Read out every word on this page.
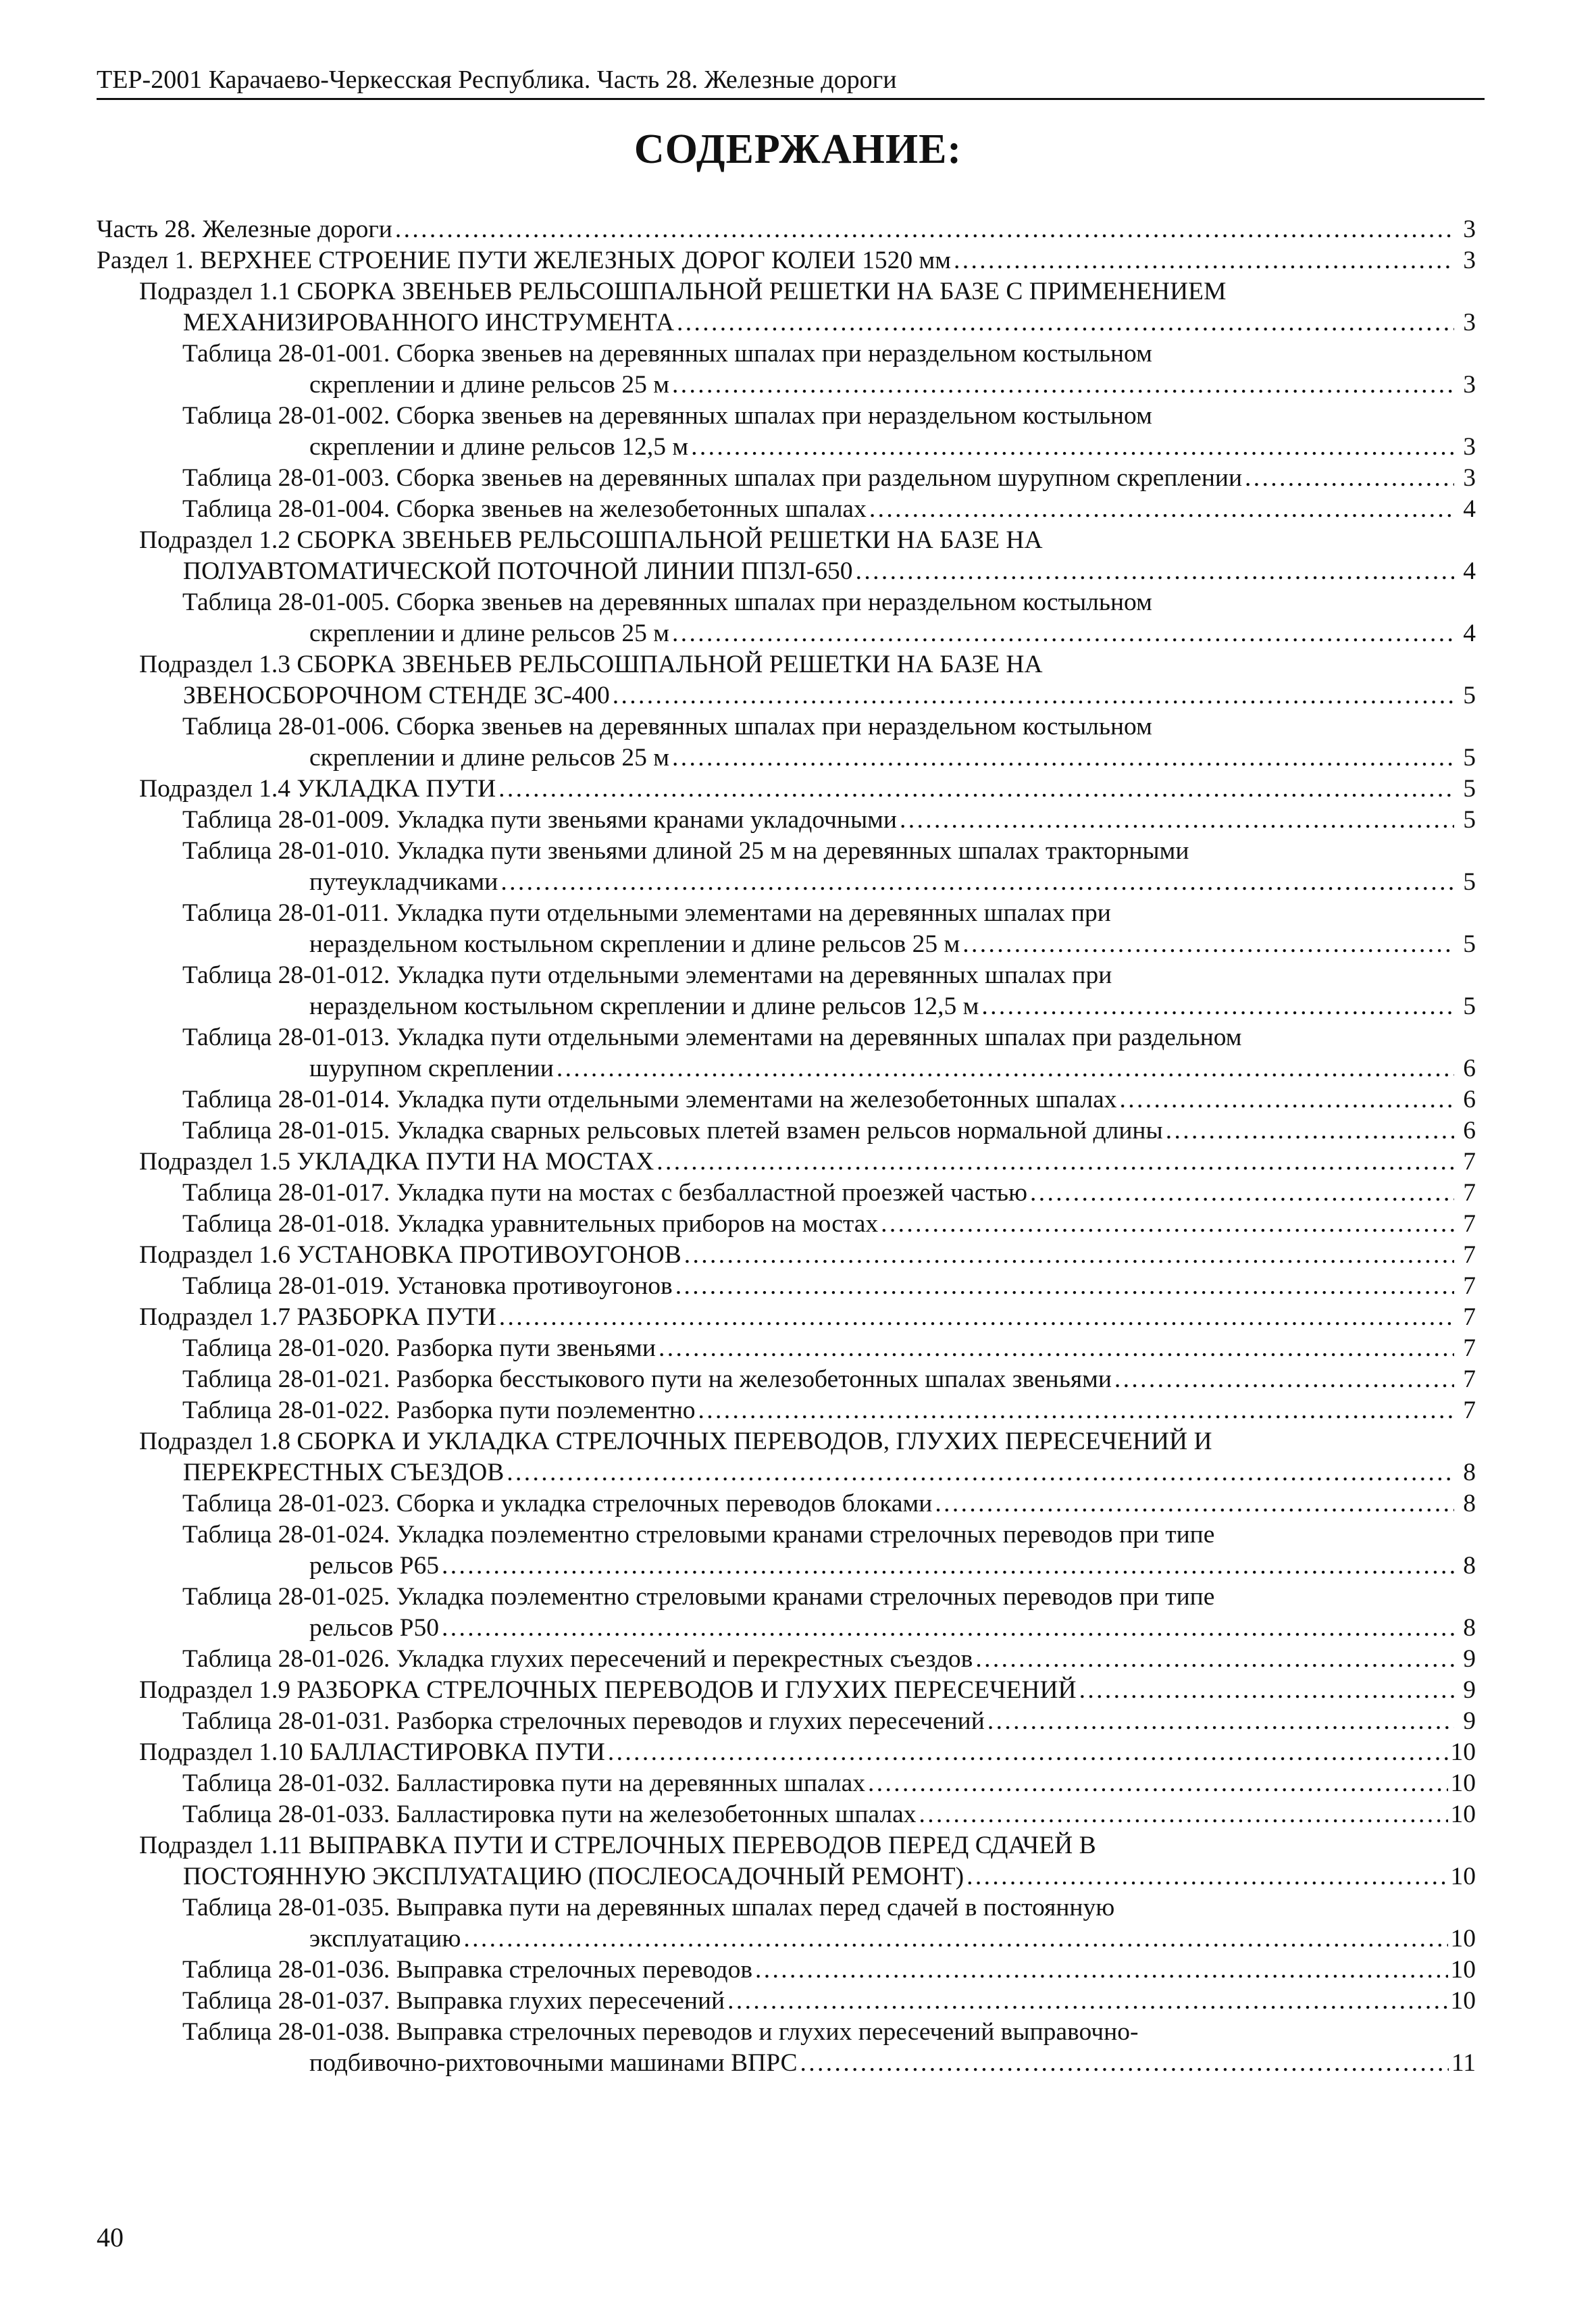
ТЕР-2001 Карачаево-Черкесская Республика. Часть 28. Железные дороги
СОДЕРЖАНИЕ:
Часть 28. Железные дороги . . .	3
Раздел 1. ВЕРХНЕЕ СТРОЕНИЕ ПУТИ ЖЕЛЕЗНЫХ ДОРОГ КОЛЕИ 1520 мм . . .	3
Подраздел 1.1 СБОРКА ЗВЕНЬЕВ РЕЛЬСОШПАЛЬНОЙ РЕШЕТКИ НА БАЗЕ С ПРИМЕНЕНИЕМ
МЕХАНИЗИРОВАННОГО ИНСТРУМЕНТА . . .	3
Таблица 28-01-001. Сборка звеньев на деревянных шпалах при нераздельном костыльном
скреплении и длине рельсов 25 м . . .	3
Таблица 28-01-002. Сборка звеньев на деревянных шпалах при нераздельном костыльном
скреплении и длине рельсов 12,5 м . . .	3
Таблица 28-01-003. Сборка звеньев на деревянных шпалах при раздельном шурупном скреплении . . .	3
Таблица 28-01-004. Сборка звеньев на железобетонных шпалах . . .	4
Подраздел 1.2 СБОРКА ЗВЕНЬЕВ РЕЛЬСОШПАЛЬНОЙ РЕШЕТКИ НА БАЗЕ НА
ПОЛУАВТОМАТИЧЕСКОЙ ПОТОЧНОЙ ЛИНИИ ППЗЛ-650 . . .	4
Таблица 28-01-005. Сборка звеньев на деревянных шпалах при нераздельном костыльном
скреплении и длине рельсов 25 м . . .	4
Подраздел 1.3 СБОРКА ЗВЕНЬЕВ РЕЛЬСОШПАЛЬНОЙ РЕШЕТКИ НА БАЗЕ НА
ЗВЕНОСБОРОЧНОМ СТЕНДЕ ЗС-400 . . .	5
Таблица 28-01-006. Сборка звеньев на деревянных шпалах при нераздельном костыльном
скреплении и длине рельсов 25 м . . .	5
Подраздел 1.4 УКЛАДКА ПУТИ . . .	5
Таблица 28-01-009. Укладка пути звеньями кранами укладочными . . .	5
Таблица 28-01-010. Укладка пути звеньями длиной 25 м на деревянных шпалах тракторными
путеукладчиками . . .	5
Таблица 28-01-011. Укладка пути отдельными элементами на деревянных шпалах при
нераздельном костыльном скреплении и длине рельсов 25 м . . .	5
Таблица 28-01-012. Укладка пути отдельными элементами на деревянных шпалах при
нераздельном костыльном скреплении и длине рельсов 12,5 м . . .	5
Таблица 28-01-013. Укладка пути отдельными элементами на деревянных шпалах при раздельном
шурупном скреплении . . .	6
Таблица 28-01-014. Укладка пути отдельными элементами на железобетонных шпалах . . .	6
Таблица 28-01-015. Укладка сварных рельсовых плетей взамен рельсов нормальной длины . . .	6
Подраздел 1.5 УКЛАДКА ПУТИ НА МОСТАХ . . .	7
Таблица 28-01-017. Укладка пути на мостах с безбалластной проезжей частью . . .	7
Таблица 28-01-018. Укладка уравнительных приборов на мостах . . .	7
Подраздел 1.6 УСТАНОВКА ПРОТИВОУГОНОВ . . .	7
Таблица 28-01-019. Установка противоугонов . . .	7
Подраздел 1.7 РАЗБОРКА ПУТИ . . .	7
Таблица 28-01-020. Разборка пути звеньями . . .	7
Таблица 28-01-021. Разборка бесстыкового пути на железобетонных шпалах звеньями . . .	7
Таблица 28-01-022. Разборка пути поэлементно . . .	7
Подраздел 1.8 СБОРКА И УКЛАДКА СТРЕЛОЧНЫХ ПЕРЕВОДОВ, ГЛУХИХ ПЕРЕСЕЧЕНИЙ И
ПЕРЕКРЕСТНЫХ СЪЕЗДОВ . . .	8
Таблица 28-01-023. Сборка и укладка стрелочных переводов блоками . . .	8
Таблица 28-01-024. Укладка поэлементно стреловыми кранами стрелочных переводов при типе
рельсов Р65 . . .	8
Таблица 28-01-025. Укладка поэлементно стреловыми кранами стрелочных переводов при типе
рельсов Р50 . . .	8
Таблица 28-01-026. Укладка глухих пересечений и перекрестных съездов . . .	9
Подраздел 1.9 РАЗБОРКА СТРЕЛОЧНЫХ ПЕРЕВОДОВ И ГЛУХИХ ПЕРЕСЕЧЕНИЙ . . .	9
Таблица 28-01-031. Разборка стрелочных переводов и глухих пересечений . . .	9
Подраздел 1.10 БАЛЛАСТИРОВКА ПУТИ . . .	10
Таблица 28-01-032. Балластировка пути на деревянных шпалах . . .	10
Таблица 28-01-033. Балластировка пути на железобетонных шпалах . . .	10
Подраздел 1.11 ВЫПРАВКА ПУТИ И СТРЕЛОЧНЫХ ПЕРЕВОДОВ ПЕРЕД СДАЧЕЙ В
ПОСТОЯННУЮ ЭКСПЛУАТАЦИЮ (ПОСЛЕОСАДОЧНЫЙ РЕМОНТ) . . .	10
Таблица 28-01-035. Выправка пути на деревянных шпалах перед сдачей в постоянную
эксплуатацию . . .	10
Таблица 28-01-036. Выправка стрелочных переводов . . .	10
Таблица 28-01-037. Выправка глухих пересечений . . .	10
Таблица 28-01-038. Выправка стрелочных переводов и глухих пересечений выправочно-
подбивочно-рихтовочными машинами ВПРС . . .	11
40
